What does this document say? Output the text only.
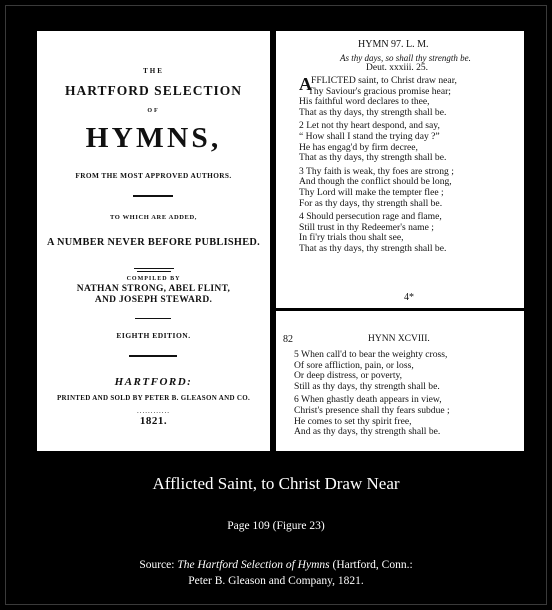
THE
HARTFORD SELECTION
OF
HYMNS,
FROM THE MOST APPROVED AUTHORS.
TO WHICH ARE ADDED,
A NUMBER NEVER BEFORE PUBLISHED.
COMPILED BY
NATHAN STRONG, ABEL FLINT,
AND JOSEPH STEWARD.
EIGHTH EDITION.
HARTFORD:
PRINTED AND SOLD BY PETER B. GLEASON AND CO.
............
1821.
HYMN 97. L. M.
As thy days, so shall thy strength be.
Deut. xxxiii. 25.
A FFLICTED saint, to Christ draw near,
Thy Saviour's gracious promise hear;
His faithful word declares to thee,
That as thy days, thy strength shall be.
2 Let not thy heart despond, and say,
“ How shall I stand the trying day ?”
He has engag'd by firm decree,
That as thy days, thy strength shall be.
3 Thy faith is weak, thy foes are strong ;
And though the conflict should be long,
Thy Lord will make the tempter flee ;
For as thy days, thy strength shall be.
4 Should persecution rage and flame,
Still trust in thy Redeemer's name ;
In fi'ry trials thou shalt see,
That as thy days, thy strength shall be.
4*
82	HYNN XCVIII.
5 When call'd to bear the weighty cross,
Of sore affliction, pain, or loss,
Or deep distress, or poverty,
Still as thy days, thy strength shall be.
6 When ghastly death appears in view,
Christ's presence shall thy fears subdue ;
He comes to set thy spirit free,
And as thy days, thy strength shall be.
Afflicted Saint, to Christ Draw Near
Page 109 (Figure 23)
Source: The Hartford Selection of Hymns (Hartford, Conn.:
Peter B. Gleason and Company, 1821.
